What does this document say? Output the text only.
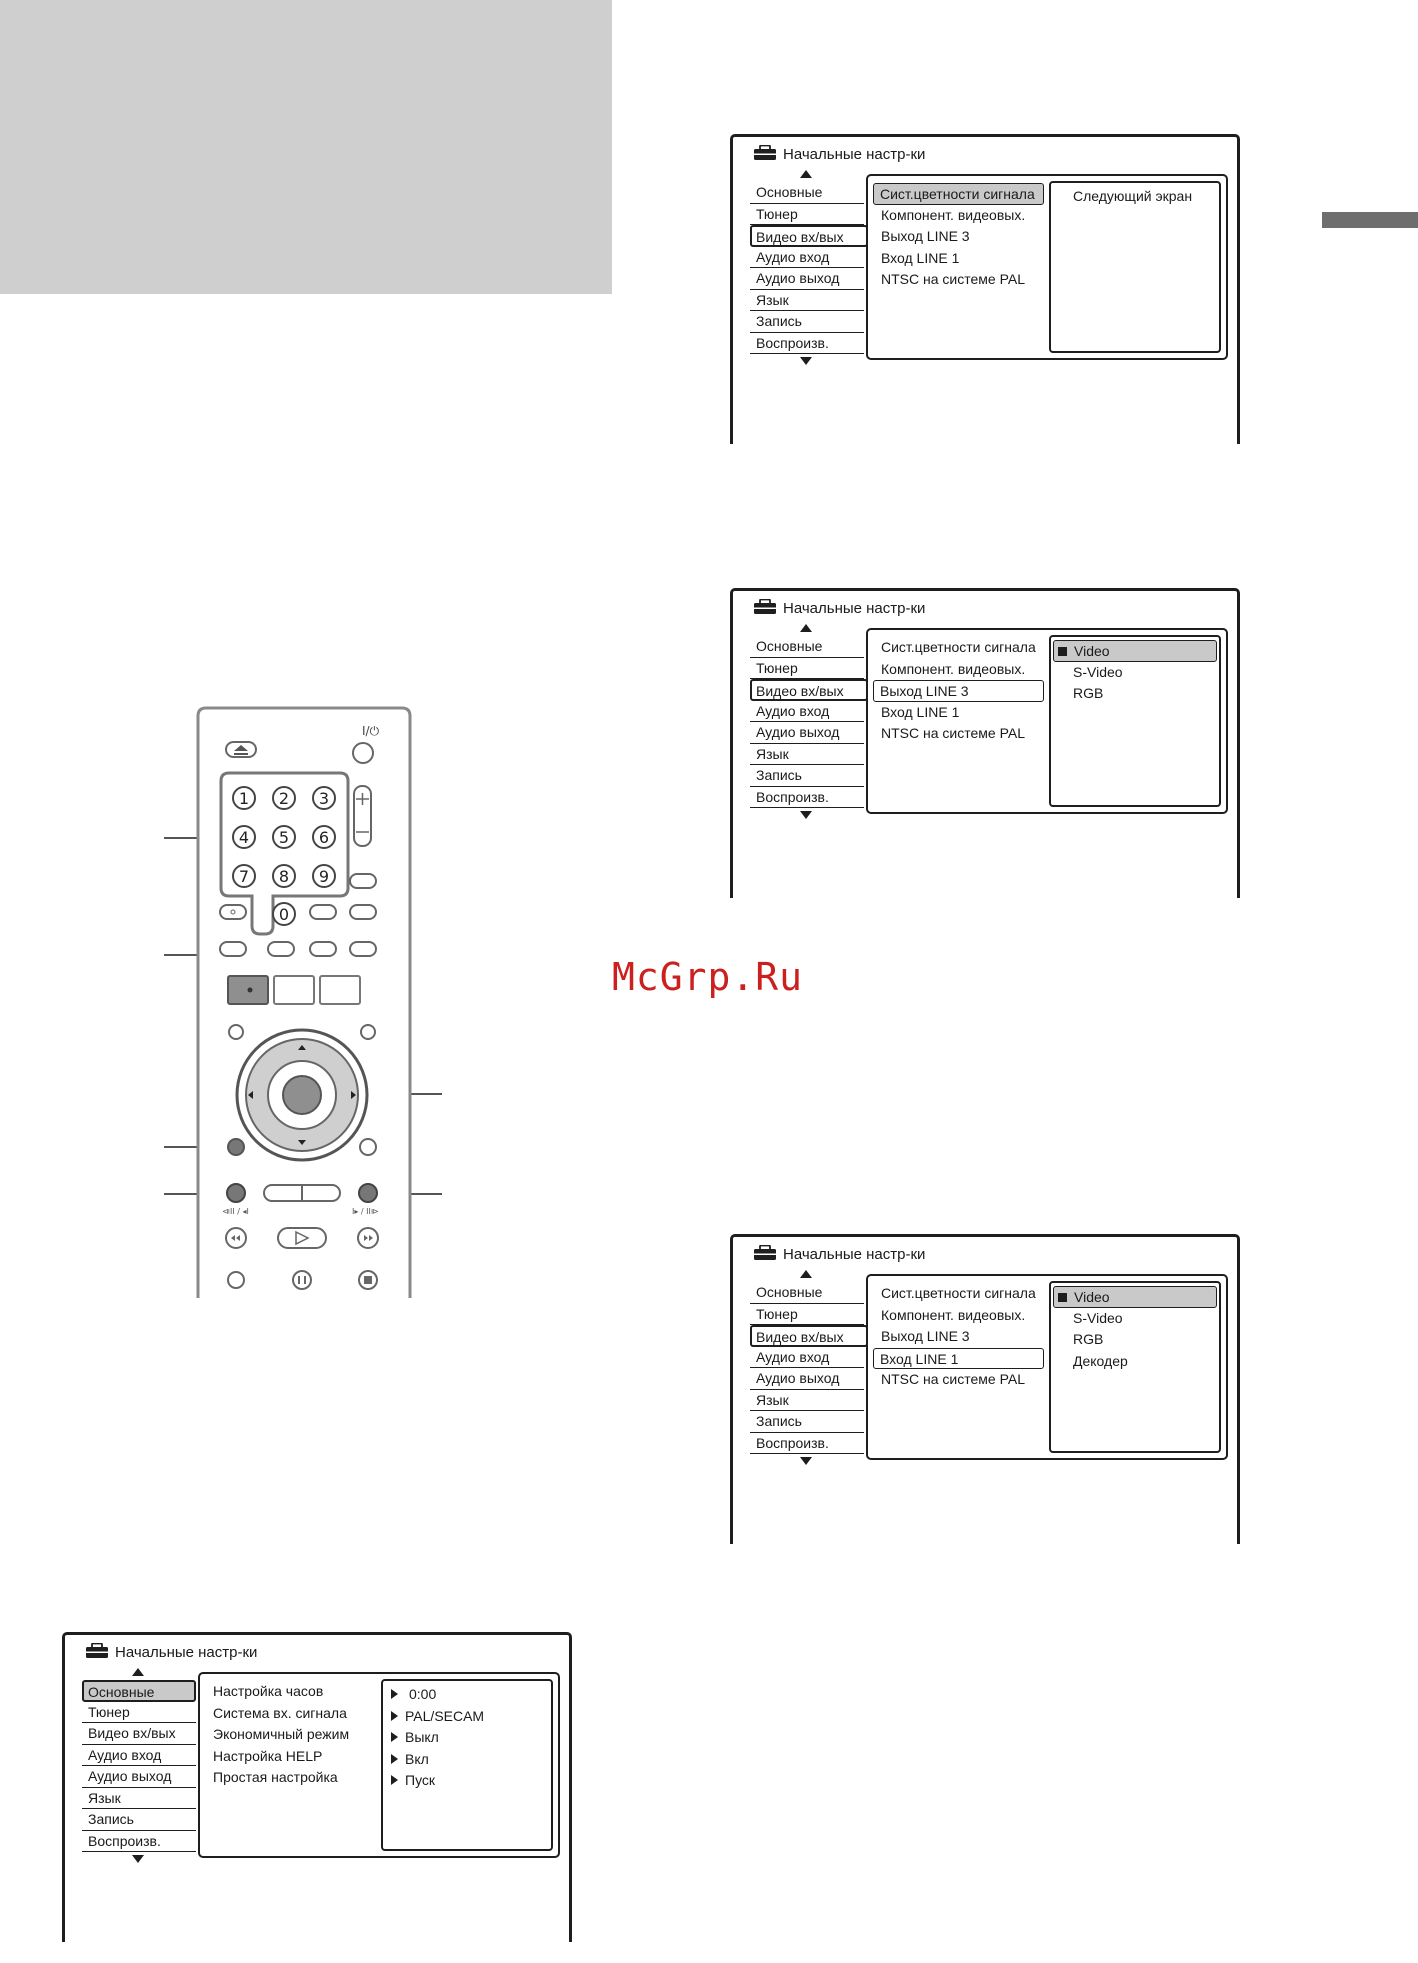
McGrp.Ru
Начальные настр-ки
Основные
Тюнер
Видео вх/вых
Аудио вход
Аудио выход
Язык
Запись
Воспроизв.
Сист.цветности сигнала
Компонент. видеовых.
Выход LINE 3
Вход LINE 1
NTSC на системе PAL
Следующий экран
Начальные настр-ки
Основные
Тюнер
Видео вх/вых
Аудио вход
Аудио выход
Язык
Запись
Воспроизв.
Сист.цветности сигнала
Компонент. видеовых.
Выход LINE 3
Вход LINE 1
NTSC на системе PAL
Video
S-Video
RGB
Начальные настр-ки
Основные
Тюнер
Видео вх/вых
Аудио вход
Аудио выход
Язык
Запись
Воспроизв.
Сист.цветности сигнала
Компонент. видеовых.
Выход LINE 3
Вход LINE 1
NTSC на системе PAL
Video
S-Video
RGB
Декодер
Начальные настр-ки
Основные
Тюнер
Видео вх/вых
Аудио вход
Аудио выход
Язык
Запись
Воспроизв.
Настройка часов
Система вх. сигнала
Экономичный режим
Настройка HELP
Простая настройка
0:00
PAL/SECAM
Выкл
Вкл
Пуск
I/⏻
1 2 3
4 5 6
7 8 9
0
⧏II / ◂I	I▸ / II⧐
